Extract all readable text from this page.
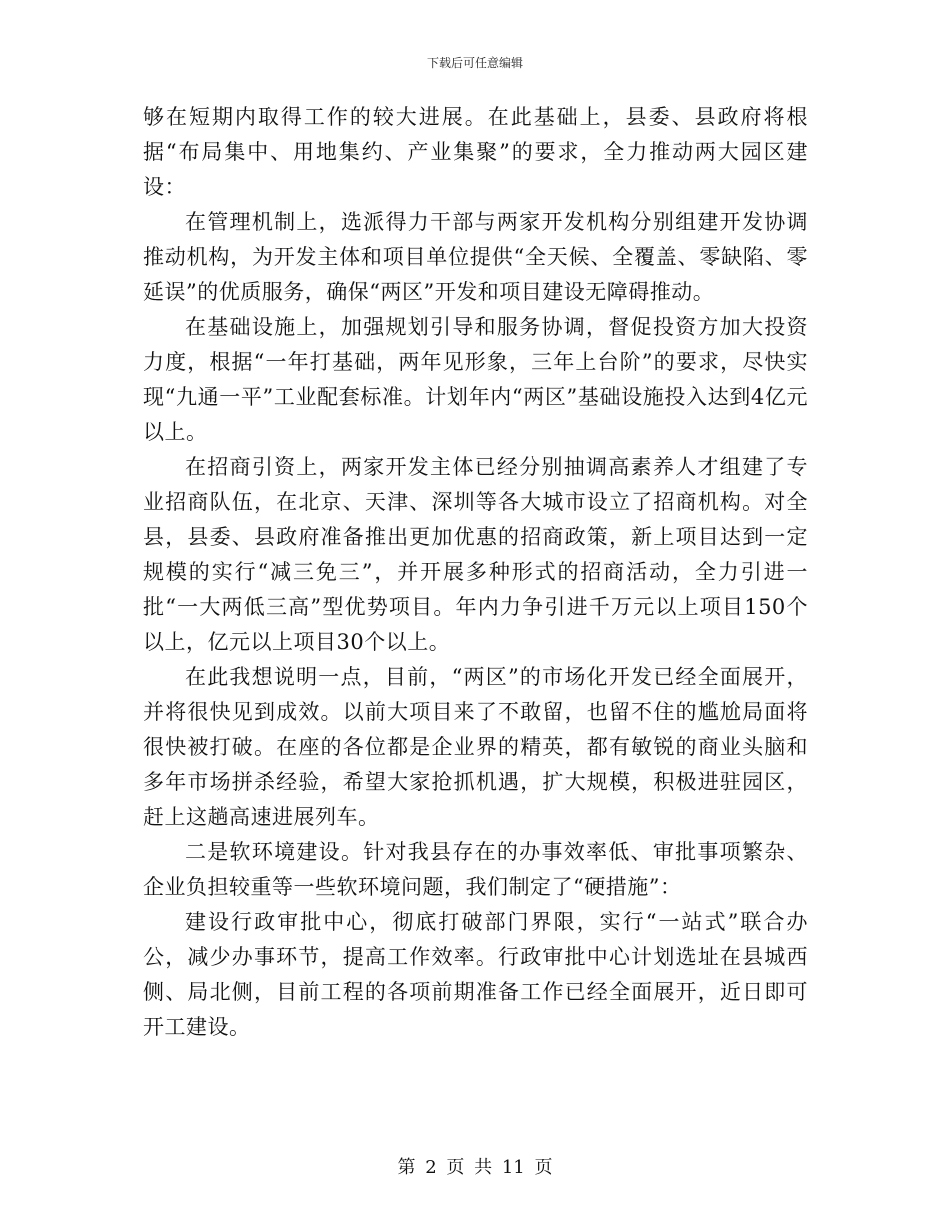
下载后可任意编辑

够在短期内取得工作的较大进展。在此基础上，县委、县政府将根据“布局集中、用地集约、产业集聚”的要求，全力推动两大园区建设：

在管理机制上，选派得力干部与两家开发机构分别组建开发协调推动机构，为开发主体和项目单位提供“全天候、全覆盖、零缺陷、零延误”的优质服务，确保“两区”开发和项目建设无障碍推动。

在基础设施上，加强规划引导和服务协调，督促投资方加大投资力度，根据“一年打基础，两年见形象，三年上台阶”的要求，尽快实现“九通一平”工业配套标准。计划年内“两区”基础设施投入达到4亿元以上。

在招商引资上，两家开发主体已经分别抽调高素养人才组建了专业招商队伍，在北京、天津、深圳等各大城市设立了招商机构。对全县，县委、县政府准备推出更加优惠的招商政策，新上项目达到一定规模的实行“减三免三”，并开展多种形式的招商活动，全力引进一批“一大两低三高”型优势项目。年内力争引进千万元以上项目150个以上，亿元以上项目30个以上。

在此我想说明一点，目前，“两区”的市场化开发已经全面展开，并将很快见到成效。以前大项目来了不敢留，也留不住的尴尬局面将很快被打破。在座的各位都是企业界的精英，都有敏锐的商业头脑和多年市场拼杀经验，希望大家抢抓机遇，扩大规模，积极进驻园区，赶上这趟高速进展列车。

二是软环境建设。针对我县存在的办事效率低、审批事项繁杂、企业负担较重等一些软环境问题，我们制定了“硬措施”：

建设行政审批中心，彻底打破部门界限，实行“一站式”联合办公，减少办事环节，提高工作效率。行政审批中心计划选址在县城西侧、局北侧，目前工程的各项前期准备工作已经全面展开，近日即可开工建设。

第 2 页 共 11 页
